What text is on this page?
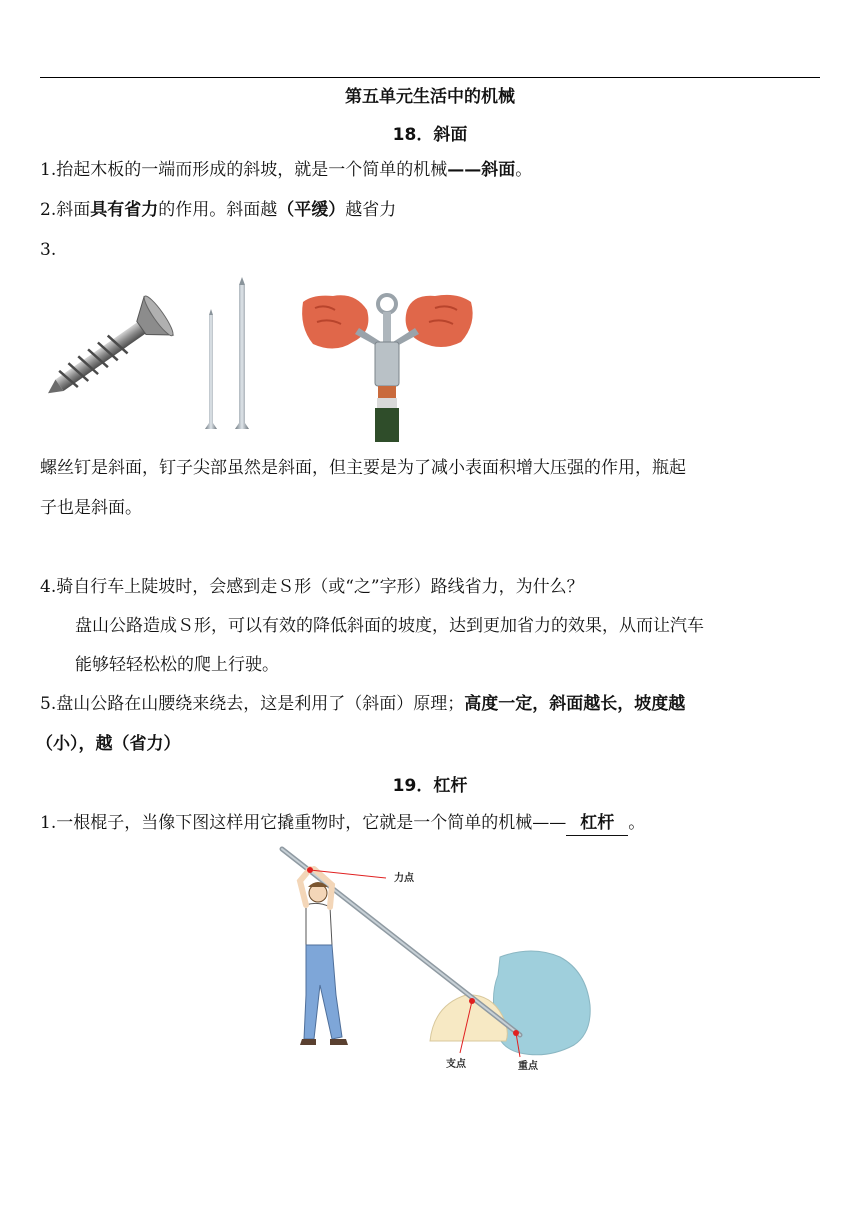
第五单元生活中的机械
18．斜面
1.抬起木板的一端而形成的斜坡，就是一个简单的机械——斜面。
2.斜面具有省力的作用。斜面越（平缓）越省力
3.
螺丝钉是斜面，钉子尖部虽然是斜面，但主要是为了减小表面积增大压强的作用，瓶起
子也是斜面。
4.骑自行车上陡坡时，会感到走Ｓ形（或“之”字形）路线省力，为什么？
盘山公路造成Ｓ形，可以有效的降低斜面的坡度，达到更加省力的效果，从而让汽车
能够轻轻松松的爬上行驶。
5.盘山公路在山腰绕来绕去，这是利用了（斜面）原理；高度一定，斜面越长，坡度越
（小），越（省力）
19．杠杆
1.一根棍子，当像下图这样用它撬重物时，它就是一个简单的机械—— 杠杆 。
力点
支点	重点
